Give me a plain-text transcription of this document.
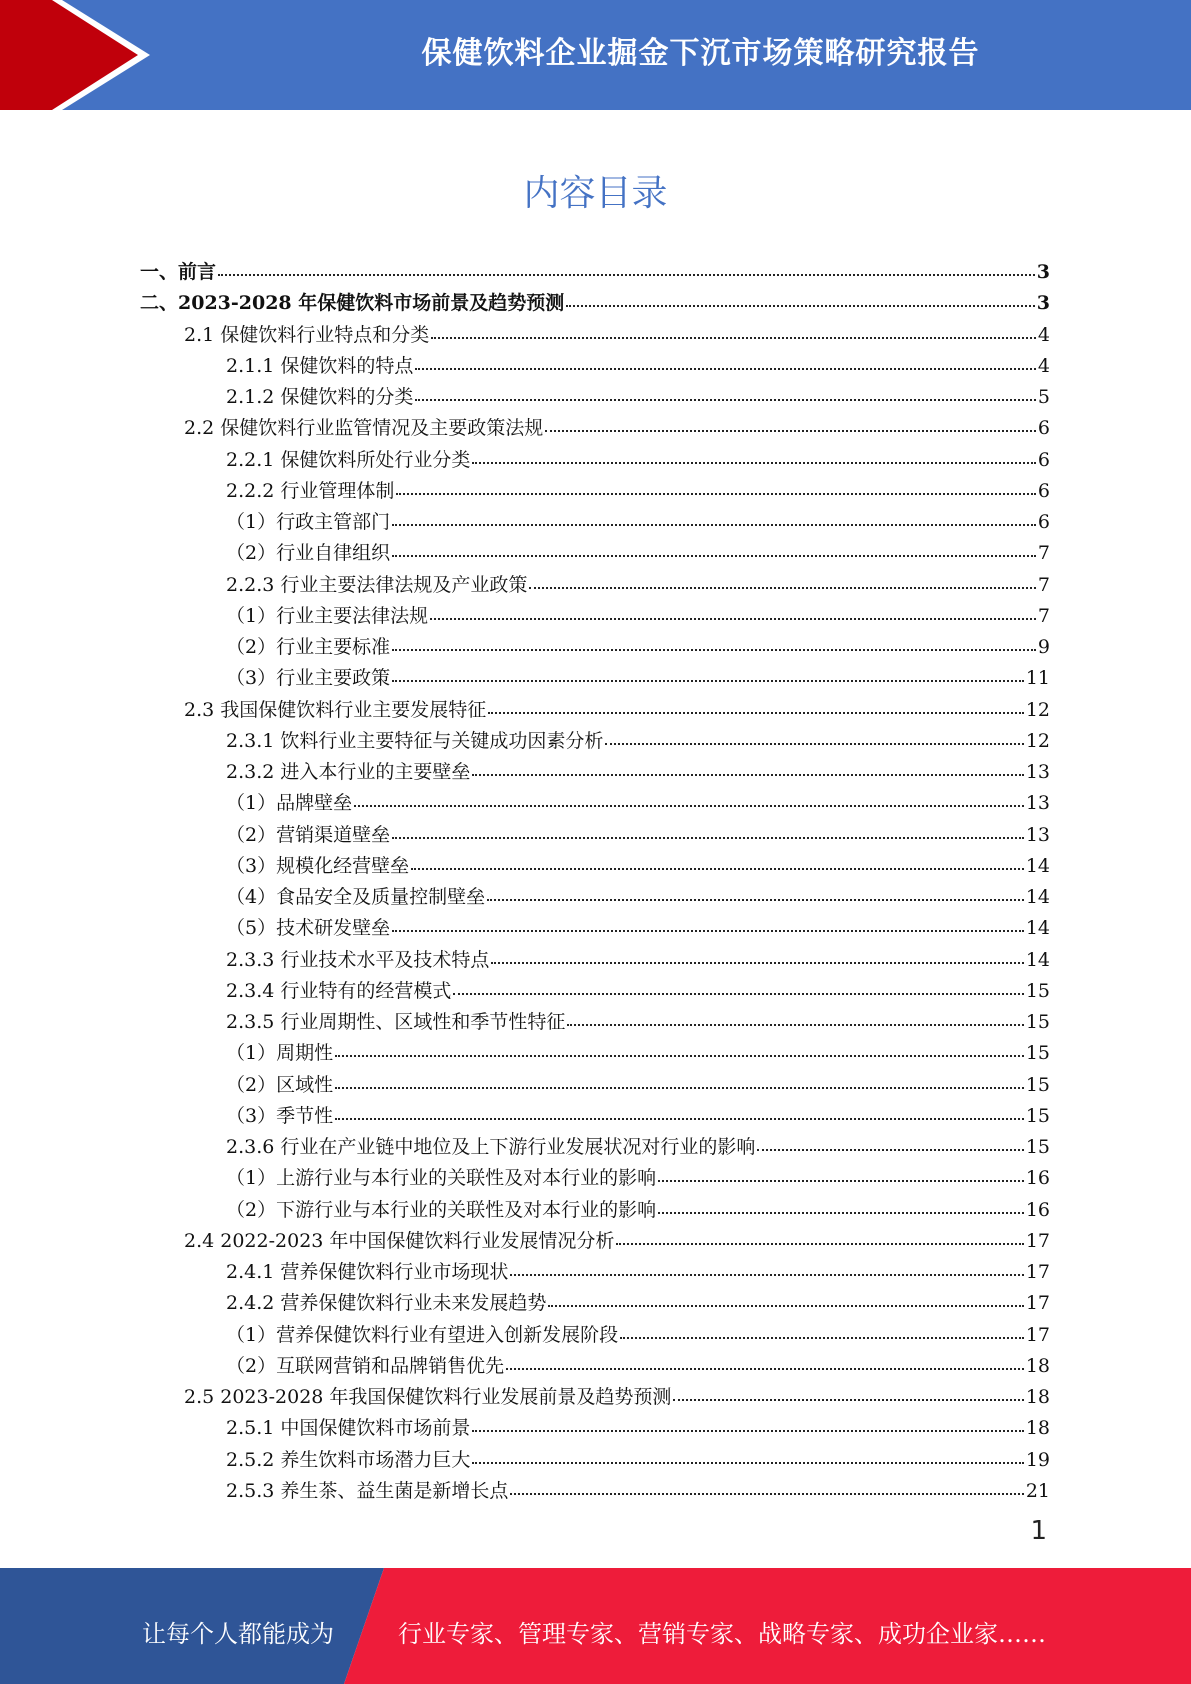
保健饮料企业掘金下沉市场策略研究报告
内容目录
一、前言	3
二、2023-2028 年保健饮料市场前景及趋势预测	3
2.1 保健饮料行业特点和分类	4
2.1.1 保健饮料的特点	4
2.1.2 保健饮料的分类	5
2.2 保健饮料行业监管情况及主要政策法规	6
2.2.1 保健饮料所处行业分类	6
2.2.2 行业管理体制	6
（1）行政主管部门	6
（2）行业自律组织	7
2.2.3 行业主要法律法规及产业政策	7
（1）行业主要法律法规	7
（2）行业主要标准	9
（3）行业主要政策	11
2.3 我国保健饮料行业主要发展特征	12
2.3.1 饮料行业主要特征与关键成功因素分析	12
2.3.2 进入本行业的主要壁垒	13
（1）品牌壁垒	13
（2）营销渠道壁垒	13
（3）规模化经营壁垒	14
（4）食品安全及质量控制壁垒	14
（5）技术研发壁垒	14
2.3.3 行业技术水平及技术特点	14
2.3.4 行业特有的经营模式	15
2.3.5 行业周期性、区域性和季节性特征	15
（1）周期性	15
（2）区域性	15
（3）季节性	15
2.3.6 行业在产业链中地位及上下游行业发展状况对行业的影响	15
（1）上游行业与本行业的关联性及对本行业的影响	16
（2）下游行业与本行业的关联性及对本行业的影响	16
2.4 2022-2023 年中国保健饮料行业发展情况分析	17
2.4.1 营养保健饮料行业市场现状	17
2.4.2 营养保健饮料行业未来发展趋势	17
（1）营养保健饮料行业有望进入创新发展阶段	17
（2）互联网营销和品牌销售优先	18
2.5 2023-2028 年我国保健饮料行业发展前景及趋势预测	18
2.5.1 中国保健饮料市场前景	18
2.5.2 养生饮料市场潜力巨大	19
2.5.3 养生茶、益生菌是新增长点	21
1
让每个人都能成为	行业专家、管理专家、营销专家、战略专家、成功企业家……
